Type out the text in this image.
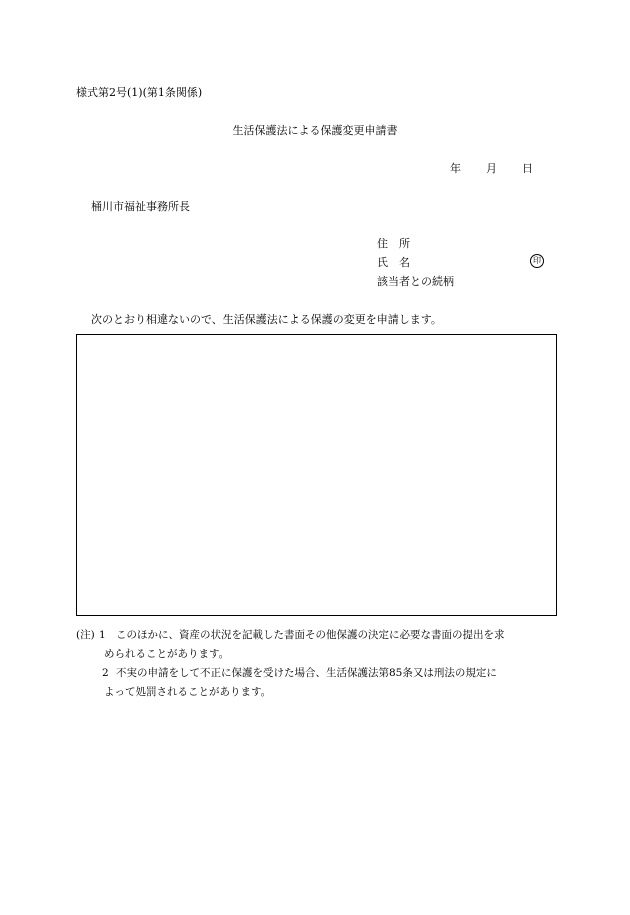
様式第2号(1)(第1条関係)
生活保護法による保護変更申請書
年 月 日
桶川市福祉事務所長
住　所
氏　名	印
該当者との続柄
次のとおり相違ないので、生活保護法による保護の変更を申請します。
(注) 1 このほかに、資産の状況を記載した書面その他保護の決定に必要な書面の提出を求
められることがあります。
2 不実の申請をして不正に保護を受けた場合、生活保護法第85条又は刑法の規定に
よって処罰されることがあります。
